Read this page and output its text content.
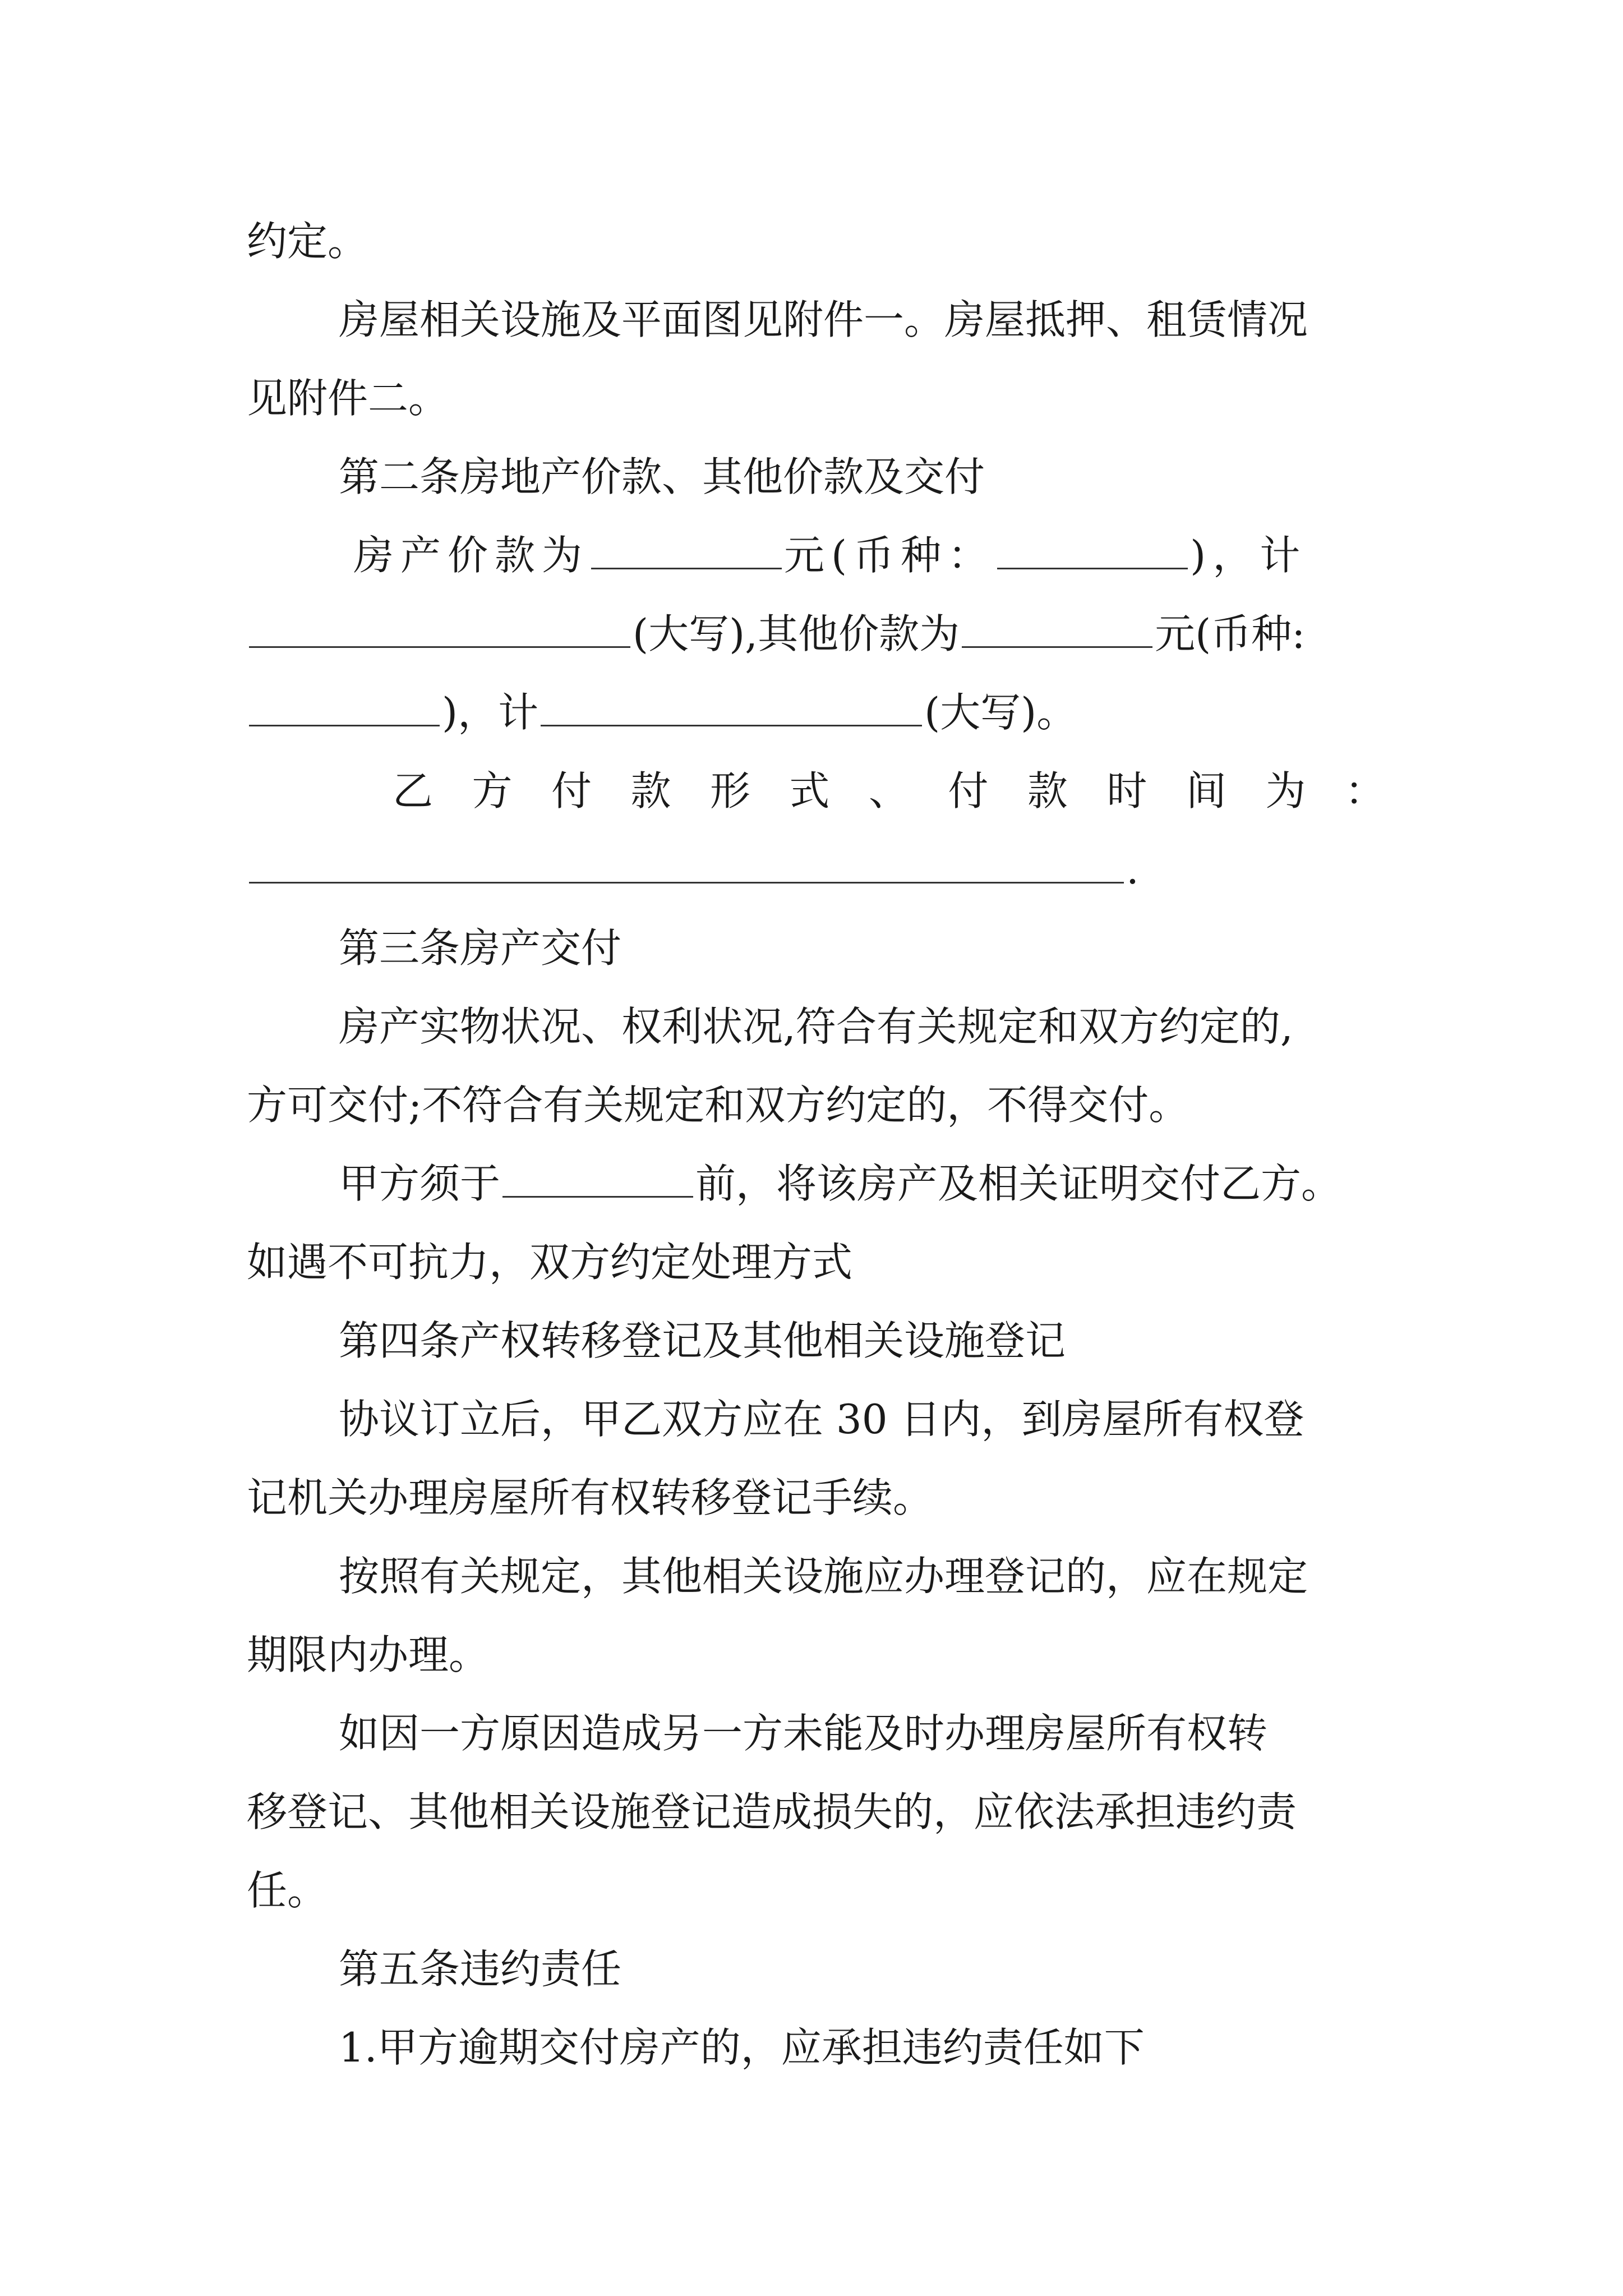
约定。
房屋相关设施及平面图见附件一。房屋抵押、租赁情况
见附件二。
第二条房地产价款、其他价款及交付
房产价款为	元(币种：	)，计
(大写),其他价款为	元(币种:
)，计	(大写)。
乙 方 付 款 形 式 、 付 款 时 间 为 ：
.
第三条房产交付
房产实物状况、权利状况,符合有关规定和双方约定的,
方可交付;不符合有关规定和双方约定的，不得交付。
甲方须于	前，将该房产及相关证明交付乙方。
如遇不可抗力，双方约定处理方式
第四条产权转移登记及其他相关设施登记
协议订立后，甲乙双方应在 30 日内，到房屋所有权登
记机关办理房屋所有权转移登记手续。
按照有关规定，其他相关设施应办理登记的，应在规定
期限内办理。
如因一方原因造成另一方未能及时办理房屋所有权转
移登记、其他相关设施登记造成损失的，应依法承担违约责
任。
第五条违约责任
1.甲方逾期交付房产的，应承担违约责任如下
